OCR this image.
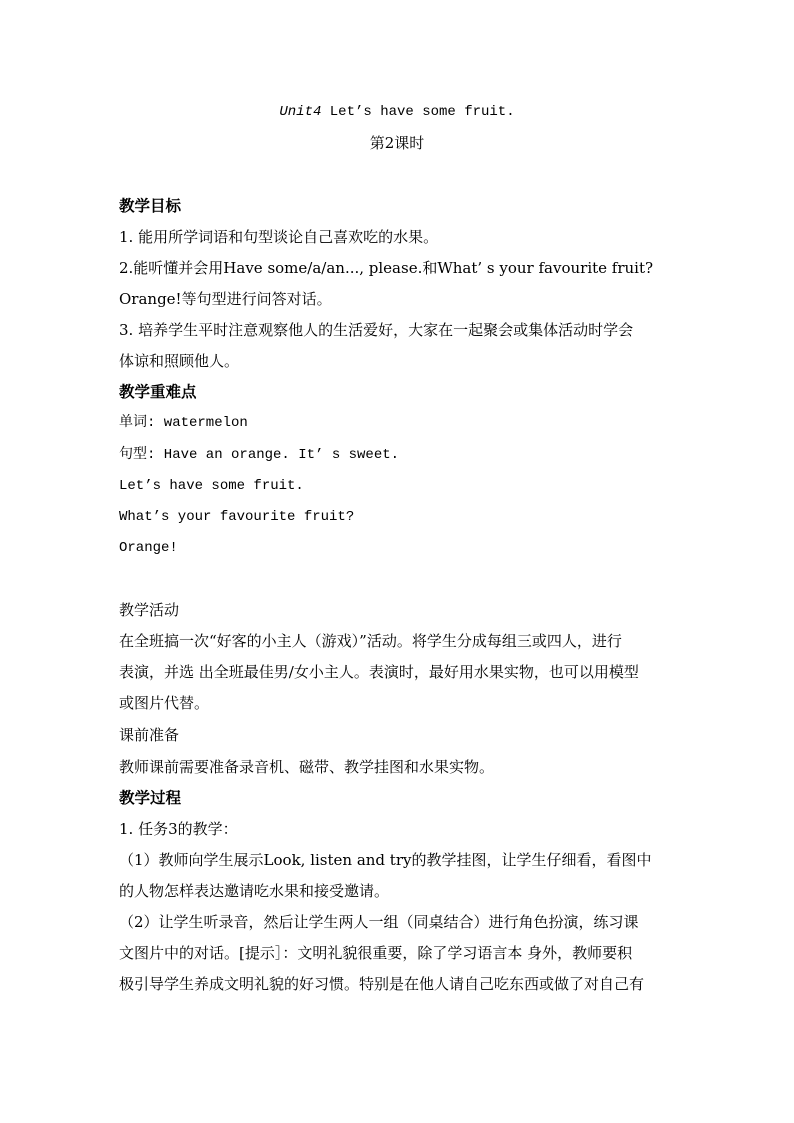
Unit4 Let’s have some fruit.
第2课时
教学目标
1. 能用所学词语和句型谈论自己喜欢吃的水果。
2.能听懂并会用Have some/a/an..., please.和What’ s your favourite fruit?
Orange!等句型进行问答对话。
3. 培养学生平时注意观察他人的生活爱好，大家在一起聚会或集体活动时学会
体谅和照顾他人。
教学重难点
单词: watermelon
句型: Have an orange. It’ s sweet.
Let’s have some fruit.
What’s your favourite fruit?
Orange!
教学活动
在全班搞一次“好客的小主人（游戏）”活动。将学生分成每组三或四人，进行
表演，并选 出全班最佳男/女小主人。表演时，最好用水果实物，也可以用模型
或图片代替。
课前准备
教师课前需要准备录音机、磁带、教学挂图和水果实物。
教学过程
1. 任务3的教学：
（1）教师向学生展示Look, listen and try的教学挂图，让学生仔细看，看图中
的人物怎样表达邀请吃水果和接受邀请。
（2）让学生听录音，然后让学生两人一组（同桌结合）进行角色扮演，练习课
文图片中的对话。[提示］：文明礼貌很重要，除了学习语言本 身外，教师要积
极引导学生养成文明礼貌的好习惯。特别是在他人请自己吃东西或做了对自己有
